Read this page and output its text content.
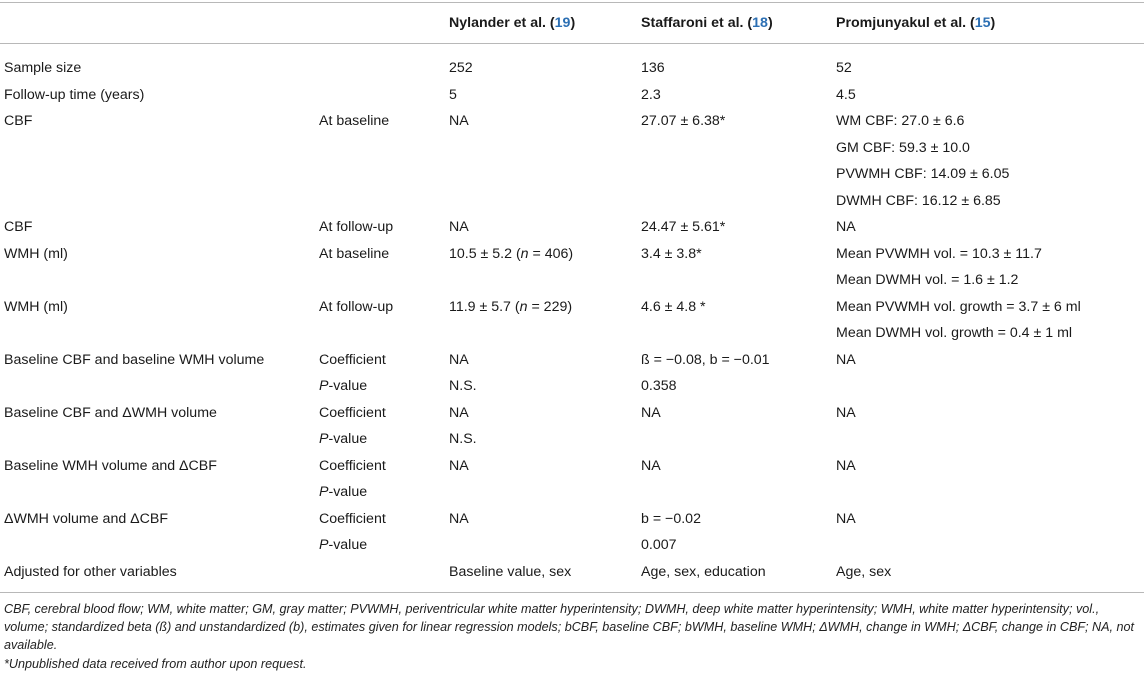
		Nylander et al. (19)	Staffaroni et al. (18)	Promjunyakul et al. (15)
Sample size		252	136	52
Follow-up time (years)		5	2.3	4.5
CBF	At baseline	NA	27.07 ± 6.38*	WM CBF: 27.0 ± 6.6
				GM CBF: 59.3 ± 10.0
				PVWMH CBF: 14.09 ± 6.05
				DWMH CBF: 16.12 ± 6.85
CBF	At follow-up	NA	24.47 ± 5.61*	NA
WMH (ml)	At baseline	10.5 ± 5.2 (n = 406)	3.4 ± 3.8*	Mean PVWMH vol. = 10.3 ± 11.7
				Mean DWMH vol. = 1.6 ± 1.2
WMH (ml)	At follow-up	11.9 ± 5.7 (n = 229)	4.6 ± 4.8 *	Mean PVWMH vol. growth = 3.7 ± 6 ml
				Mean DWMH vol. growth = 0.4 ± 1 ml
Baseline CBF and baseline WMH volume	Coefficient	NA	ß = −0.08, b = −0.01	NA
	P-value	N.S.	0.358	
Baseline CBF and ΔWMH volume	Coefficient	NA	NA	NA
	P-value	N.S.		
Baseline WMH volume and ΔCBF	Coefficient	NA	NA	NA
	P-value			
ΔWMH volume and ΔCBF	Coefficient	NA	b = −0.02	NA
	P-value		0.007	
Adjusted for other variables		Baseline value, sex	Age, sex, education	Age, sex

CBF, cerebral blood flow; WM, white matter; GM, gray matter; PVWMH, periventricular white matter hyperintensity; DWMH, deep white matter hyperintensity; WMH, white matter hyperintensity; vol., volume; standardized beta (ß) and unstandardized (b), estimates given for linear regression models; bCBF, baseline CBF; bWMH, baseline WMH; ΔWMH, change in WMH; ΔCBF, change in CBF; NA, not available.

*Unpublished data received from author upon request.
